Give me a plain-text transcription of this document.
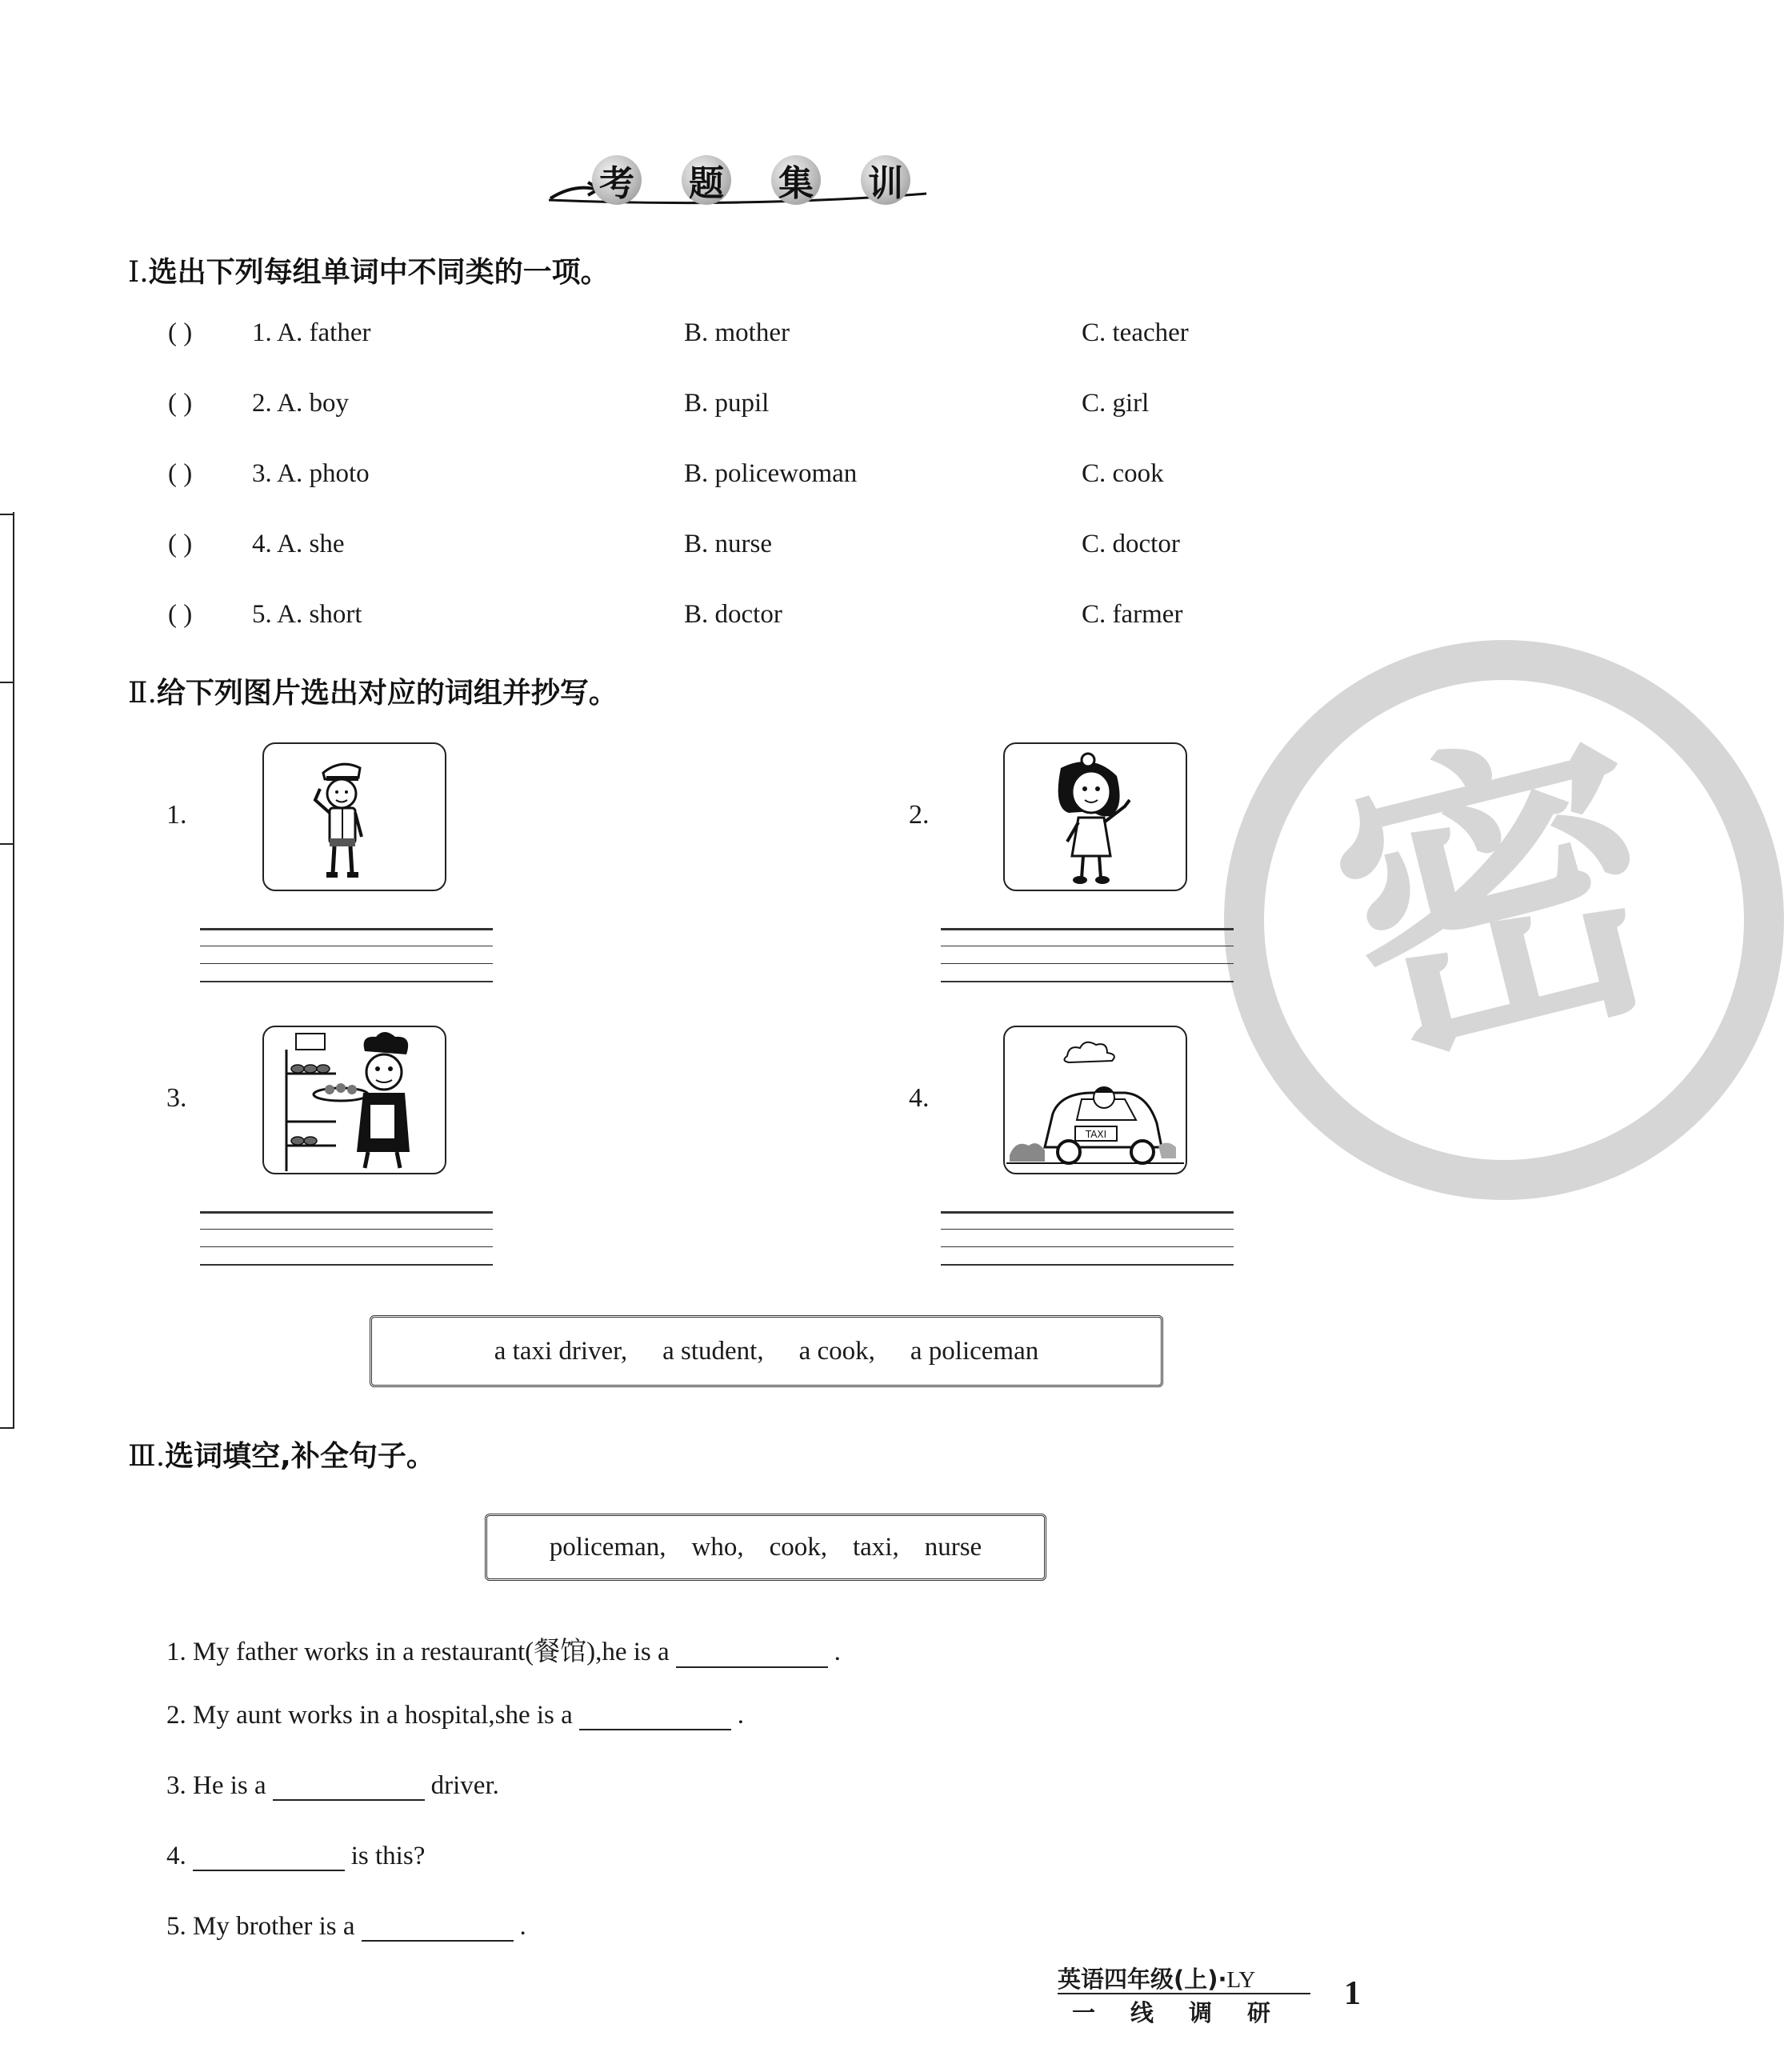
密
考 题 集 训
Ⅰ.选出下列每组单词中不同类的一项。
( ) 1. A. father	B. mother	C. teacher
( ) 2. A. boy	B. pupil	C. girl
( ) 3. A. photo	B. policewoman	C. cook
( ) 4. A. she	B. nurse	C. doctor
( ) 5. A. short	B. doctor	C. farmer
Ⅱ.给下列图片选出对应的词组并抄写。
1.	2.
3.	4.
TAXI
a taxi driver, a student, a cook, a policeman
Ⅲ.选词填空,补全句子。
policeman, who, cook, taxi, nurse
1. My father works in a restaurant(餐馆),he is a	.
2. My aunt works in a hospital,she is a	.
3. He is a	driver.
4.	is this?
5. My brother is a	.
英语四年级(上)·LY
一线调研
1
